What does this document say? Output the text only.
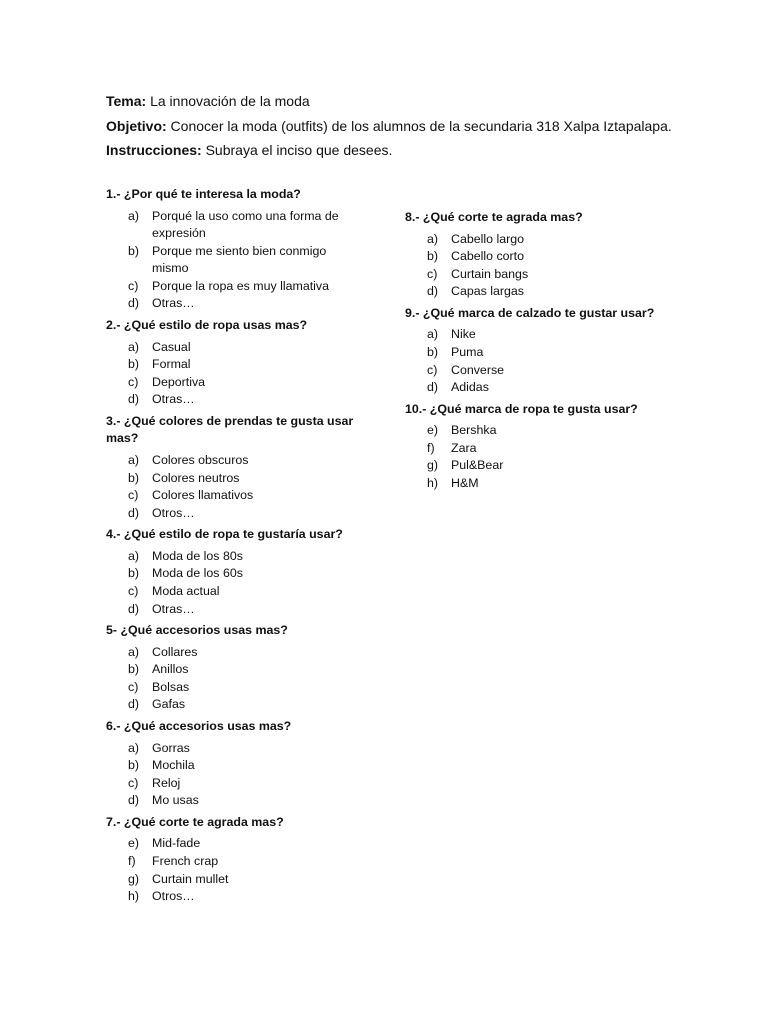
Tema: La innovación de la moda
Objetivo: Conocer la moda (outfits) de los alumnos de la secundaria 318 Xalpa Iztapalapa.
Instrucciones: Subraya el inciso que desees.
1.- ¿Por qué te interesa la moda?
a)	Porqué la uso como una forma de expresión
b)	Porque me siento bien conmigo mismo
c)	Porque la ropa es muy llamativa
d)	Otras…
2.- ¿Qué estilo de ropa usas mas?
a)	Casual
b)	Formal
c)	Deportiva
d)	Otras…
3.- ¿Qué colores de prendas te gusta usar mas?
a)	Colores obscuros
b)	Colores neutros
c)	Colores llamativos
d)	Otros…
4.- ¿Qué estilo de ropa te gustaría usar?
a)	Moda de los 80s
b)	Moda de los 60s
c)	Moda actual
d)	Otras…
5- ¿Qué accesorios usas mas?
a)	Collares
b)	Anillos
c)	Bolsas
d)	Gafas
6.- ¿Qué accesorios usas mas?
a)	Gorras
b)	Mochila
c)	Reloj
d)	Mo usas
7.- ¿Qué corte te agrada mas?
e)	Mid-fade
f)	French crap
g)	Curtain mullet
h)	Otros…
8.- ¿Qué corte te agrada mas?
a)	Cabello largo
b)	Cabello corto
c)	Curtain bangs
d)	Capas largas
9.- ¿Qué marca de calzado te gustar usar?
a)	Nike
b)	Puma
c)	Converse
d)	Adidas
10.- ¿Qué marca de ropa te gusta usar?
e)	Bershka
f)	Zara
g)	Pul&Bear
h)	H&M
